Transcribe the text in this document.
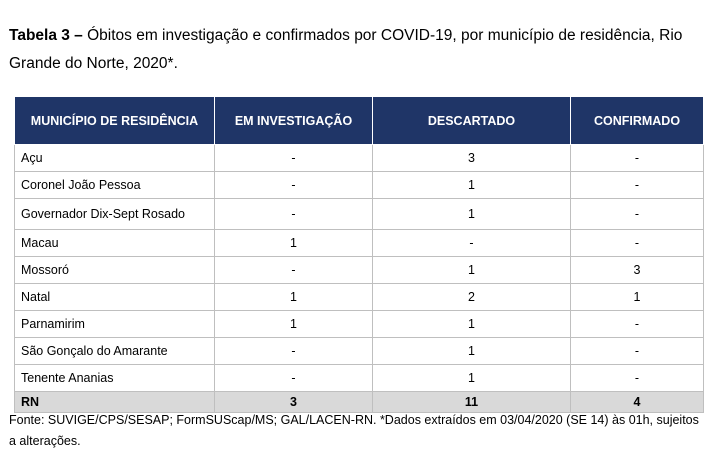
Tabela 3 – Óbitos em investigação e confirmados por COVID-19, por município de residência, Rio Grande do Norte, 2020*.
MUNICÍPIO DE RESIDÊNCIA	EM INVESTIGAÇÃO	DESCARTADO	CONFIRMADO
Açu	-	3	-
Coronel João Pessoa	-	1	-
Governador Dix-Sept Rosado	-	1	-
Macau	1	-	-
Mossoró	-	1	3
Natal	1	2	1
Parnamirim	1	1	-
São Gonçalo do Amarante	-	1	-
Tenente Ananias	-	1	-
RN	3	11	4
Fonte: SUVIGE/CPS/SESAP; FormSUScap/MS; GAL/LACEN-RN. *Dados extraídos em 03/04/2020 (SE 14) às 01h, sujeitos a alterações.
